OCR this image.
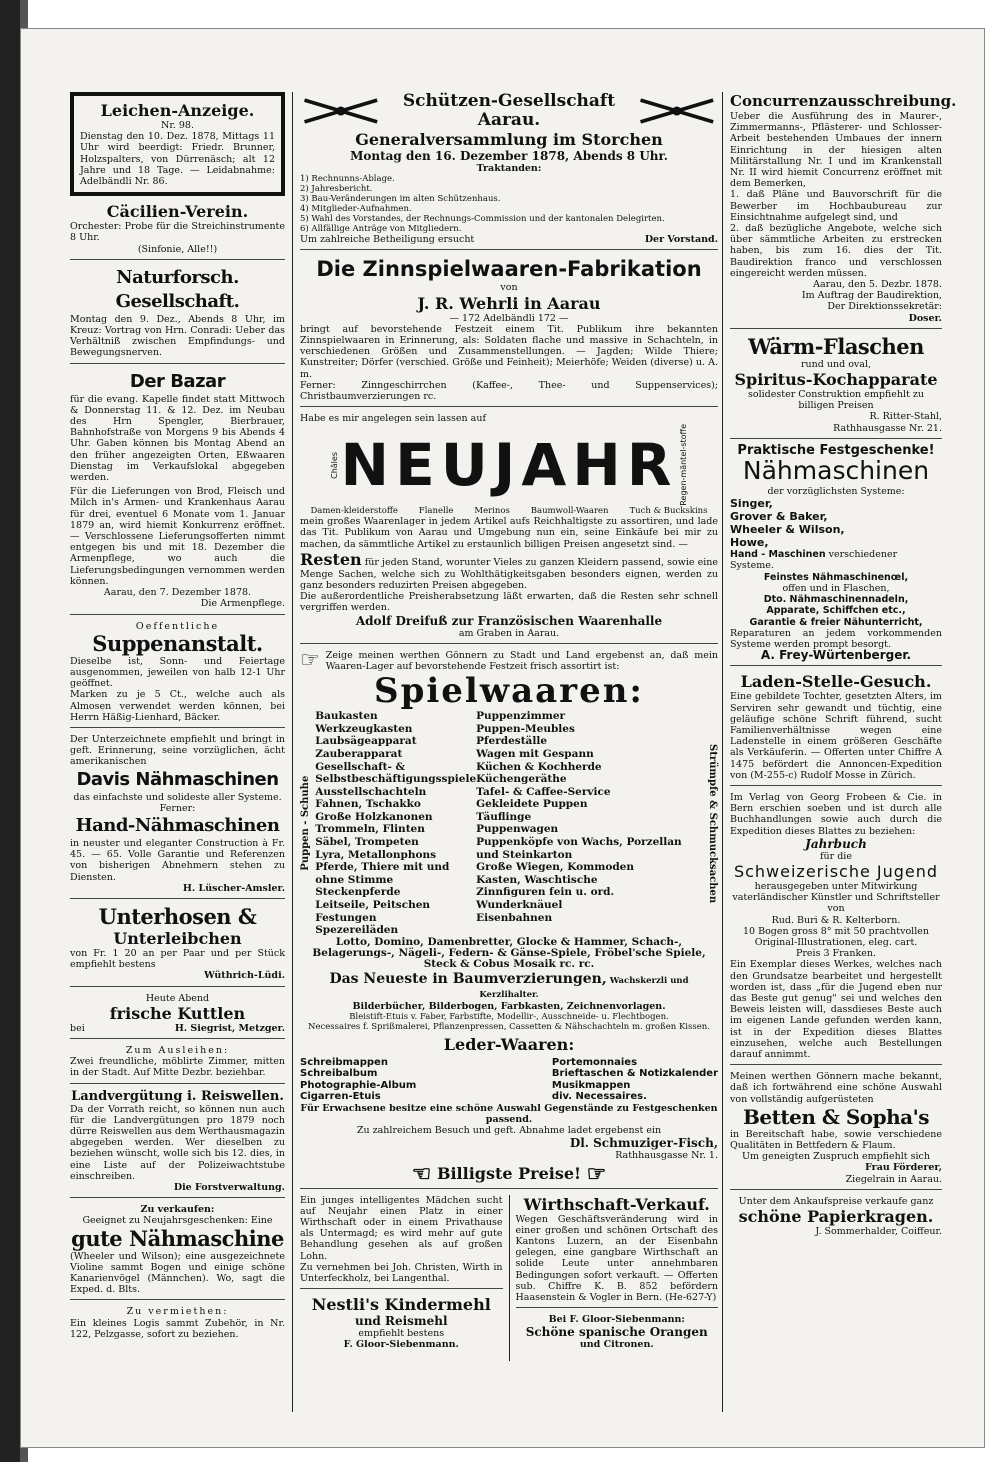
Leichen-Anzeige.
Nr. 98.
Dienstag den 10. Dez. 1878, Mittags 11 Uhr wird beerdigt: Friedr. Brunner, Holzspalters, von Dürrenäsch; alt 12 Jahre und 18 Tage. — Leidabnahme: Adelbändli Nr. 86.
Cäcilien-Verein.
Orchester: Probe für die Streichinstrumente 8 Uhr.
(Sinfonie, Alle!!)
Naturforsch. Gesellschaft.
Montag den 9. Dez., Abends 8 Uhr, im Kreuz: Vortrag von Hrn. Conradi: Ueber das Verhältniß zwischen Empfindungs- und Bewegungsnerven.
Der Bazar
für die evang. Kapelle findet statt Mittwoch & Donnerstag 11. & 12. Dez. im Neubau des Hrn Spengler, Bierbrauer, Bahnhofstraße von Morgens 9 bis Abends 4 Uhr. Gaben können bis Montag Abend an den früher angezeigten Orten, Eßwaaren Dienstag im Verkaufslokal abgegeben werden.
Für die Lieferungen von Brod, Fleisch und Milch in's Armen- und Krankenhaus Aarau für drei, eventuel 6 Monate vom 1. Januar 1879 an, wird hiemit Konkurrenz eröffnet. — Verschlossene Lieferungsofferten nimmt entgegen bis und mit 18. Dezember die Armenpflege, wo auch die Lieferungsbedingungen vernommen werden können.
Aarau, den 7. Dezember 1878.
Die Armenpflege.
Oeffentliche
Suppenanstalt.
Dieselbe ist, Sonn- und Feiertage ausgenommen, jeweilen von halb 12-1 Uhr geöffnet.
Marken zu je 5 Ct., welche auch als Almosen verwendet werden können, bei Herrn Häßig-Lienhard, Bäcker.
Der Unterzeichnete empfiehlt und bringt in geft. Erinnerung, seine vorzüglichen, ächt amerikanischen
Davis Nähmaschinen
das einfachste und solideste aller Systeme.
Ferner:
Hand-Nähmaschinen
in neuster und eleganter Construction à Fr. 45. — 65. Volle Garantie und Referenzen von bisherigen Abnehmern stehen zu Diensten.
H. Lüscher-Amsler.
Unterhosen &
Unterleibchen
von Fr. 1 20 an per Paar und per Stück empfiehlt bestens
Wüthrich-Lüdi.
Heute Abend
frische Kuttlen
bei	H. Siegrist, Metzger.
Zum Ausleihen:
Zwei freundliche, möblirte Zimmer, mitten in der Stadt. Auf Mitte Dezbr. beziehbar.
Landvergütung i. Reiswellen.
Da der Vorrath reicht, so können nun auch für die Landvergütungen pro 1879 noch dürre Reiswellen aus dem Werthausmagazin abgegeben werden. Wer dieselben zu beziehen wünscht, wolle sich bis 12. dies, in eine Liste auf der Polizeiwachtstube einschreiben.
Die Forstverwaltung.
Zu verkaufen:
Geeignet zu Neujahrsgeschenken: Eine
gute Nähmaschine
(Wheeler und Wilson); eine ausgezeichnete Violine sammt Bogen und einige schöne Kanarienvögel (Männchen). Wo, sagt die Exped. d. Blts.
Zu vermiethen:
Ein kleines Logis sammt Zubehör, in Nr. 122, Pelzgasse, sofort zu beziehen.
Schützen-Gesellschaft Aarau.
Generalversammlung im Storchen
Montag den 16. Dezember 1878, Abends 8 Uhr.
Traktanden:
1) Rechnunns-Ablage.
2) Jahresbericht.
3) Bau-Veränderungen im alten Schützenhaus.
4) Mitglieder-Aufnahmen.
5) Wahl des Vorstandes, der Rechnungs-Commission und der kantonalen Delegirten.
6) Allfällige Anträge von Mitgliedern.
Um zahlreiche Betheiligung ersucht	Der Vorstand.
Die Zinnspielwaaren-Fabrikation
von
J. R. Wehrli in Aarau
— 172 Adelbändli 172 —
bringt auf bevorstehende Festzeit einem Tit. Publikum ihre bekannten Zinnspielwaaren in Erinnerung, als: Soldaten flache und massive in Schachteln, in verschiedenen Größen und Zusammenstellungen. — Jagden; Wilde Thiere; Kunstreiter; Dörfer (verschied. Größe und Feinheit); Meierhöfe; Weiden (diverse) u. A. m.
Ferner: Zinngeschirrchen (Kaffee-, Thee- und Suppenservices); Christbaumverzierungen rc.
Habe es mir angelegen sein lassen auf
Châles NEUJAHR Regen-mäntel-stoffe
Damen-kleiderstoffe Flanelle Merinos Baumwoll-Waaren Tuch & Buckskins
mein großes Waarenlager in jedem Artikel aufs Reichhaltigste zu assortiren, und lade das Tit. Publikum von Aarau und Umgebung nun ein, seine Einkäufe bei mir zu machen, da sämmtliche Artikel zu erstaunlich billigen Preisen angesetzt sind. —
Resten für jeden Stand, worunter Vieles zu ganzen Kleidern passend, sowie eine Menge Sachen, welche sich zu Wohlthätigkeitsgaben besonders eignen, werden zu ganz besonders reduzirten Preisen abgegeben.
Die außerordentliche Preisherabsetzung läßt erwarten, daß die Resten sehr schnell vergriffen werden.
Adolf Dreifuß zur Französischen Waarenhalle
am Graben in Aarau.
☞ Zeige meinen werthen Gönnern zu Stadt und Land ergebenst an, daß mein Waaren-Lager auf bevorstehende Festzeit frisch assortirt ist:
Spielwaaren:
Puppen - Schuhe
Baukasten
Werkzeugkasten
Laubsägeapparat
Zauberapparat
Gesellschaft- &
Selbstbeschäftigungsspiele
Ausstellschachteln
Fahnen, Tschakko
Große Holzkanonen
Trommeln, Flinten
Säbel, Trompeten
Lyra, Metallonphons
Pferde, Thiere mit und ohne Stimme
Steckenpferde
Leitseile, Peitschen
Festungen
Spezereiläden
Puppenzimmer
Puppen-Meubles
Pferdeställe
Wagen mit Gespann
Küchen & Kochherde
Küchengeräthe
Tafel- & Caffee-Service
Gekleidete Puppen
Täuflinge
Puppenwagen
Puppenköpfe von Wachs, Porzellan und Steinkarton
Große Wiegen, Kommoden
Kasten, Waschtische
Zinnfiguren fein u. ord.
Wunderknäuel
Eisenbahnen
Strümpfe & Schmucksachen
Lotto, Domino, Damenbretter, Glocke & Hammer, Schach-, Belagerungs-, Nägeli-, Federn- & Gänse-Spiele, Fröbel'sche Spiele, Steck & Cobus Mosaik rc. rc.
Das Neueste in Baumverzierungen, Wachskerzli und Kerzlihalter.
Bilderbücher, Bilderbogen, Farbkasten, Zeichnenvorlagen.
Bleistift-Etuis v. Faber, Farbstifte, Modellir-, Ausschneide- u. Flechtbogen.
Necessaires f. Sprißmalerei, Pflanzenpressen, Cassetten & Nähschachteln m. großen Kissen.
Leder-Waaren:
Schreibmappen
Schreibalbum
Photographie-Album
Cigarren-Etuis
Portemonnaies
Brieftaschen & Notizkalender
Musikmappen
div. Necessaires.
Für Erwachsene besitze eine schöne Auswahl Gegenstände zu Festgeschenken passend.
Zu zahlreichem Besuch und geft. Abnahme ladet ergebenst ein
Dl. Schmuziger-Fisch,
Rathhausgasse Nr. 1.
☜ Billigste Preise! ☞
Ein junges intelligentes Mädchen sucht auf Neujahr einen Platz in einer Wirthschaft oder in einem Privathause als Untermagd; es wird mehr auf gute Behandlung gesehen als auf großen Lohn.
Zu vernehmen bei Joh. Christen, Wirth in Unterfeckholz, bei Langenthal.
Nestli's Kindermehl
und Reismehl
empfiehlt bestens
F. Gloor-Siebenmann.
Wirthschaft-Verkauf.
Wegen Geschäftsveränderung wird in einer großen und schönen Ortschaft des Kantons Luzern, an der Eisenbahn gelegen, eine gangbare Wirthschaft an solide Leute unter annehmbaren Bedingungen sofort verkauft. — Offerten sub. Chiffre K. B. 852 befördern Haasenstein & Vogler in Bern. (He-627-Y)
Bei F. Gloor-Siebenmann:
Schöne spanische Orangen
und Citronen.
Concurrenzausschreibung.
Ueber die Ausführung des in Maurer-, Zimmermanns-, Pflästerer- und Schlosser-Arbeit bestehenden Umbaues der innern Einrichtung in der hiesigen alten Militärstallung Nr. I und im Krankenstall Nr. II wird hiemit Concurrenz eröffnet mit dem Bemerken,
1. daß Pläne und Bauvorschrift für die Bewerber im Hochbaubureau zur Einsichtnahme aufgelegt sind, und
2. daß bezügliche Angebote, welche sich über sämmtliche Arbeiten zu erstrecken haben, bis zum 16. dies der Tit. Baudirektion franco und verschlossen eingereicht werden müssen.
Aarau, den 5. Dezbr. 1878.
Im Auftrag der Baudirektion,
Der Direktionssekretär:
Doser.
Wärm-Flaschen
rund und oval,
Spiritus-Kochapparate
solidester Construktion empfiehlt zu billigen Preisen
R. Ritter-Stahl,
Rathhausgasse Nr. 21.
Praktische Festgeschenke!
Nähmaschinen
der vorzüglichsten Systeme:
Singer,
Grover & Baker,
Wheeler & Wilson,
Howe,
Hand - Maschinen verschiedener Systeme.
Feinstes Nähmaschinenœl,
offen und in Flaschen,
Dto. Nähmaschinennadeln,
Apparate, Schiffchen etc.,
Garantie & freier Nähunterricht,
Reparaturen an jedem vorkommenden Systeme werden prompt besorgt.
A. Frey-Würtenberger.
Laden-Stelle-Gesuch.
Eine gebildete Tochter, gesetzten Alters, im Serviren sehr gewandt und tüchtig, eine geläufige schöne Schrift führend, sucht Familienverhältnisse wegen eine Ladenstelle in einem größeren Geschäfte als Verkäuferin. — Offerten unter Chiffre A 1475 befördert die Annoncen-Expedition von (M-255-c) Rudolf Mosse in Zürich.
Im Verlag von Georg Frobeen & Cie. in Bern erschien soeben und ist durch alle Buchhandlungen sowie auch durch die Expedition dieses Blattes zu beziehen:
Jahrbuch
für die
Schweizerische Jugend
herausgegeben unter Mitwirkung vaterländischer Künstler und Schriftsteller
von
Rud. Buri & R. Kelterborn.
10 Bogen gross 8° mit 50 prachtvollen Original-Illustrationen, eleg. cart.
Preis 3 Franken.
Ein Exemplar dieses Werkes, welches nach den Grundsatze bearbeitet und hergestellt worden ist, dass „für die Jugend eben nur das Beste gut genug" sei und welches den Beweis leisten will, dassdieses Beste auch im eigenen Lande gefunden werden kann, ist in der Expedition dieses Blattes einzusehen, welche auch Bestellungen darauf annimmt.
Meinen werthen Gönnern mache bekannt, daß ich fortwährend eine schöne Auswahl von vollständig aufgerüsteten
Betten & Sopha's
in Bereitschaft habe, sowie verschiedene Qualitäten in Bettfedern & Flaum.
Um geneigten Zuspruch empfiehlt sich
Frau Förderer,
Ziegelrain in Aarau.
Unter dem Ankaufspreise verkaufe ganz
schöne Papierkragen.
J. Sommerhalder, Coiffeur.
